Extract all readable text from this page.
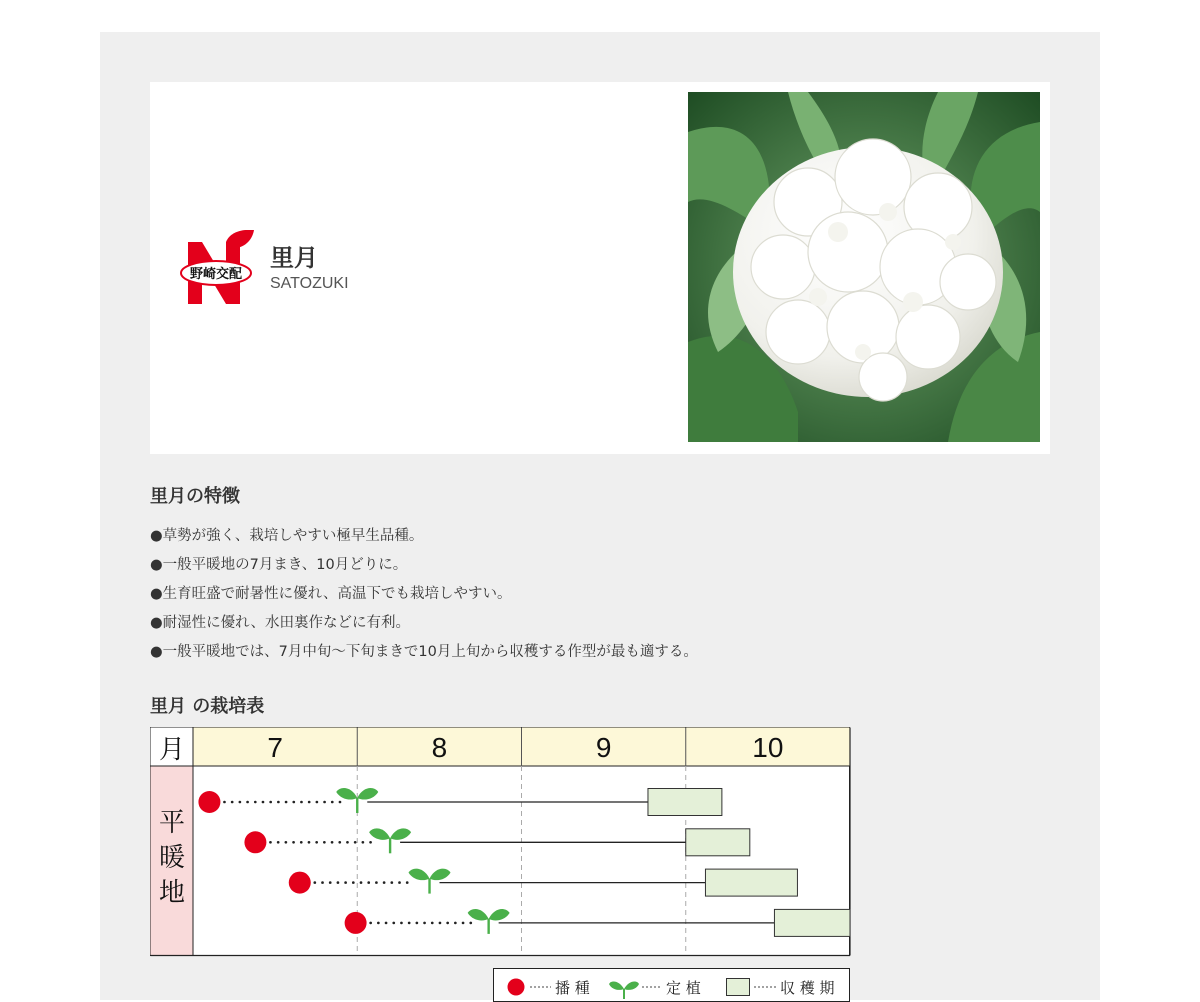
野崎交配
里月
SATOZUKI
里月の特徴
●草勢が強く、栽培しやすい極早生品種。
●一般平暖地の7月まき、10月どりに。
●生育旺盛で耐暑性に優れ、高温下でも栽培しやすい。
●耐湿性に優れ、水田裏作などに有利。
●一般平暖地では、7月中旬〜下旬まきで10月上旬から収穫する作型が最も適する。
里月 の栽培表
月	7	8	9	10
平
暖
地
播 種	定 植	収 穫 期
